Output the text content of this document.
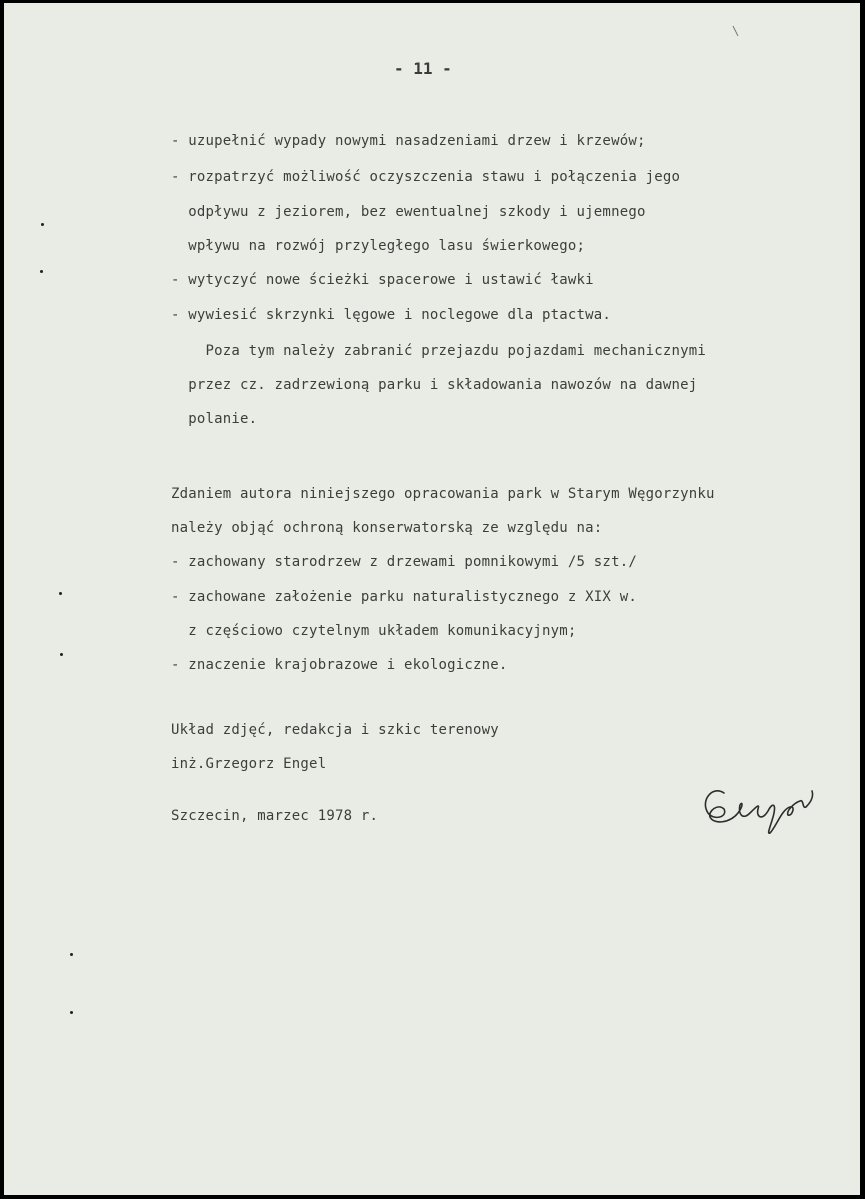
- 11 -
- uzupełnić wypady nowymi nasadzeniami drzew i krzewów;
- rozpatrzyć możliwość oczyszczenia stawu i połączenia jego
odpływu z jeziorem, bez ewentualnej szkody i ujemnego
wpływu na rozwój przyległego lasu świerkowego;
- wytyczyć nowe ścieżki spacerowe i ustawić ławki
- wywiesić skrzynki lęgowe i noclegowe dla ptactwa.
Poza tym należy zabranić przejazdu pojazdami mechanicznymi
przez cz. zadrzewioną parku i składowania nawozów na dawnej
polanie.
Zdaniem autora niniejszego opracowania park w Starym Węgorzynku
należy objąć ochroną konserwatorską ze względu na:
- zachowany starodrzew z drzewami pomnikowymi /5 szt./
- zachowane założenie parku naturalistycznego z XIX w.
z częściowo czytelnym układem komunikacyjnym;
- znaczenie krajobrazowe i ekologiczne.
Układ zdjęć, redakcja i szkic terenowy
inż.Grzegorz Engel
Szczecin, marzec 1978 r.
